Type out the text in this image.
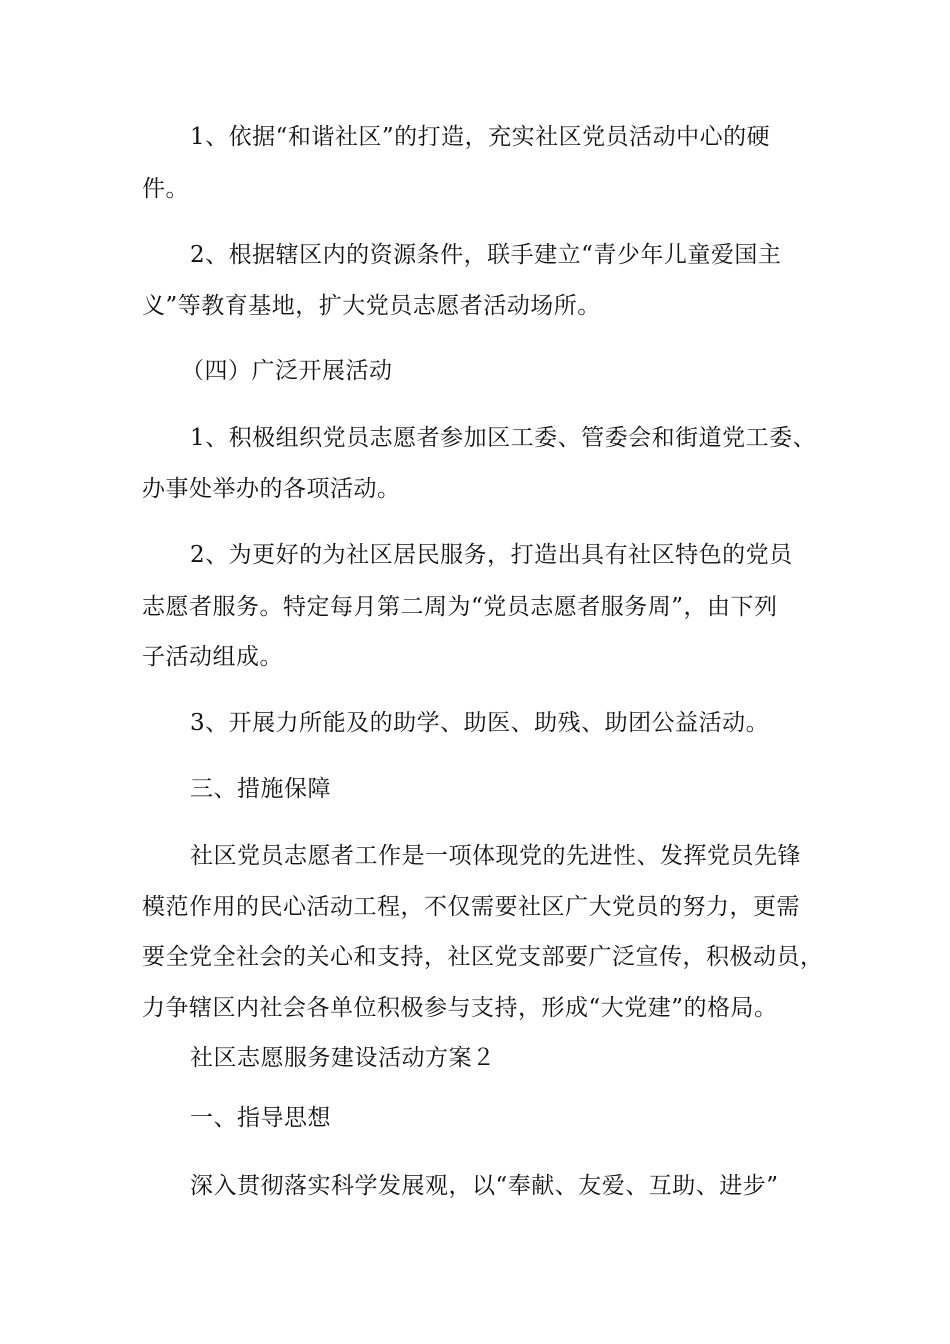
1、依据“和谐社区”的打造，充实社区党员活动中心的硬
件。
2、根据辖区内的资源条件，联手建立“青少年儿童爱国主
义”等教育基地，扩大党员志愿者活动场所。
（四）广泛开展活动
1、积极组织党员志愿者参加区工委、管委会和街道党工委、
办事处举办的各项活动。
2、为更好的为社区居民服务，打造出具有社区特色的党员
志愿者服务。特定每月第二周为“党员志愿者服务周”，由下列
子活动组成。
3、开展力所能及的助学、助医、助残、助团公益活动。
三、措施保障
社区党员志愿者工作是一项体现党的先进性、发挥党员先锋
模范作用的民心活动工程，不仅需要社区广大党员的努力，更需
要全党全社会的关心和支持，社区党支部要广泛宣传，积极动员，
力争辖区内社会各单位积极参与支持，形成“大党建”的格局。
社区志愿服务建设活动方案２
一、指导思想
深入贯彻落实科学发展观，以“奉献、友爱、互助、进步”
